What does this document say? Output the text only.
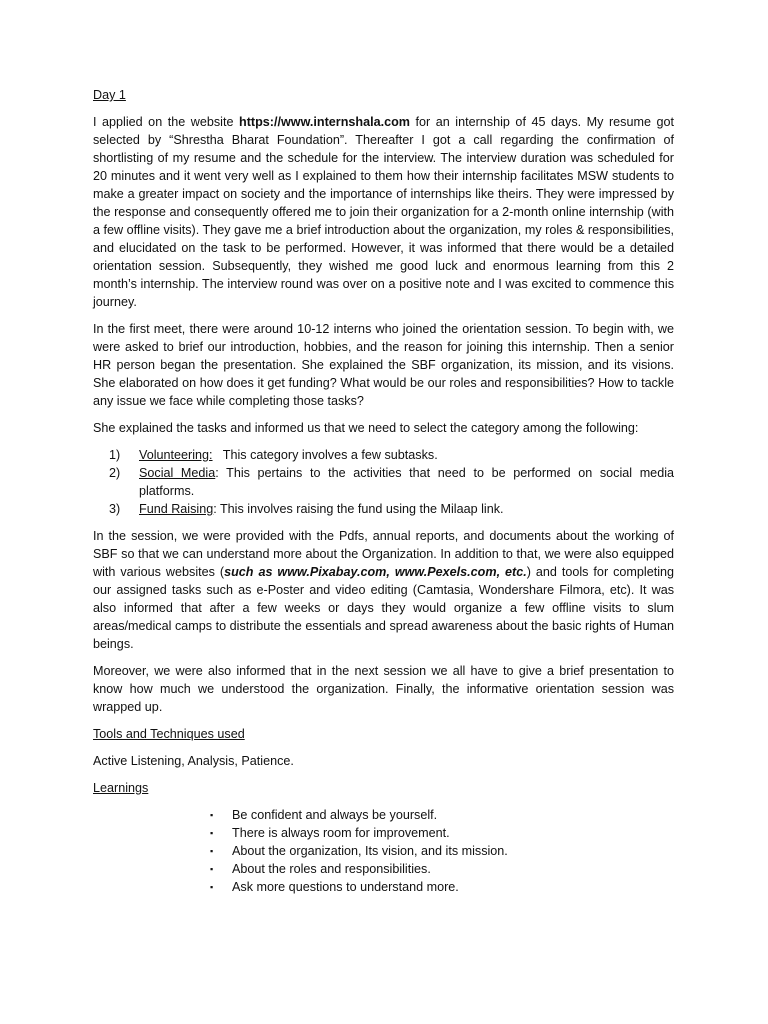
Day 1

I applied on the website https://www.internshala.com for an internship of 45 days. My resume got selected by “Shrestha Bharat Foundation”. Thereafter I got a call regarding the confirmation of shortlisting of my resume and the schedule for the interview. The interview duration was scheduled for 20 minutes and it went very well as I explained to them how their internship facilitates MSW students to make a greater impact on society and the importance of internships like theirs. They were impressed by the response and consequently offered me to join their organization for a 2-month online internship (with a few offline visits). They gave me a brief introduction about the organization, my roles & responsibilities, and elucidated on the task to be performed. However, it was informed that there would be a detailed orientation session. Subsequently, they wished me good luck and enormous learning from this 2 month’s internship. The interview round was over on a positive note and I was excited to commence this journey.

In the first meet, there were around 10-12 interns who joined the orientation session. To begin with, we were asked to brief our introduction, hobbies, and the reason for joining this internship. Then a senior HR person began the presentation. She explained the SBF organization, its mission, and its visions. She elaborated on how does it get funding? What would be our roles and responsibilities? How to tackle any issue we face while completing those tasks?

She explained the tasks and informed us that we need to select the category among the following:

1) Volunteering:   This category involves a few subtasks.
2) Social Media: This pertains to the activities that need to be performed on social media platforms.
3) Fund Raising: This involves raising the fund using the Milaap link.

In the session, we were provided with the Pdfs, annual reports, and documents about the working of SBF so that we can understand more about the Organization. In addition to that, we were also equipped with various websites (such as www.Pixabay.com, www.Pexels.com, etc.) and tools for completing our assigned tasks such as e-Poster and video editing (Camtasia, Wondershare Filmora, etc). It was also informed that after a few weeks or days they would organize a few offline visits to slum areas/medical camps to distribute the essentials and spread awareness about the basic rights of Human beings.

Moreover, we were also informed that in the next session we all have to give a brief presentation to know how much we understood the organization. Finally, the informative orientation session was wrapped up.

Tools and Techniques used
Active Listening, Analysis, Patience.
Learnings
▪ Be confident and always be yourself.
▪ There is always room for improvement.
▪ About the organization, Its vision, and its mission.
▪ About the roles and responsibilities.
▪ Ask more questions to understand more.
